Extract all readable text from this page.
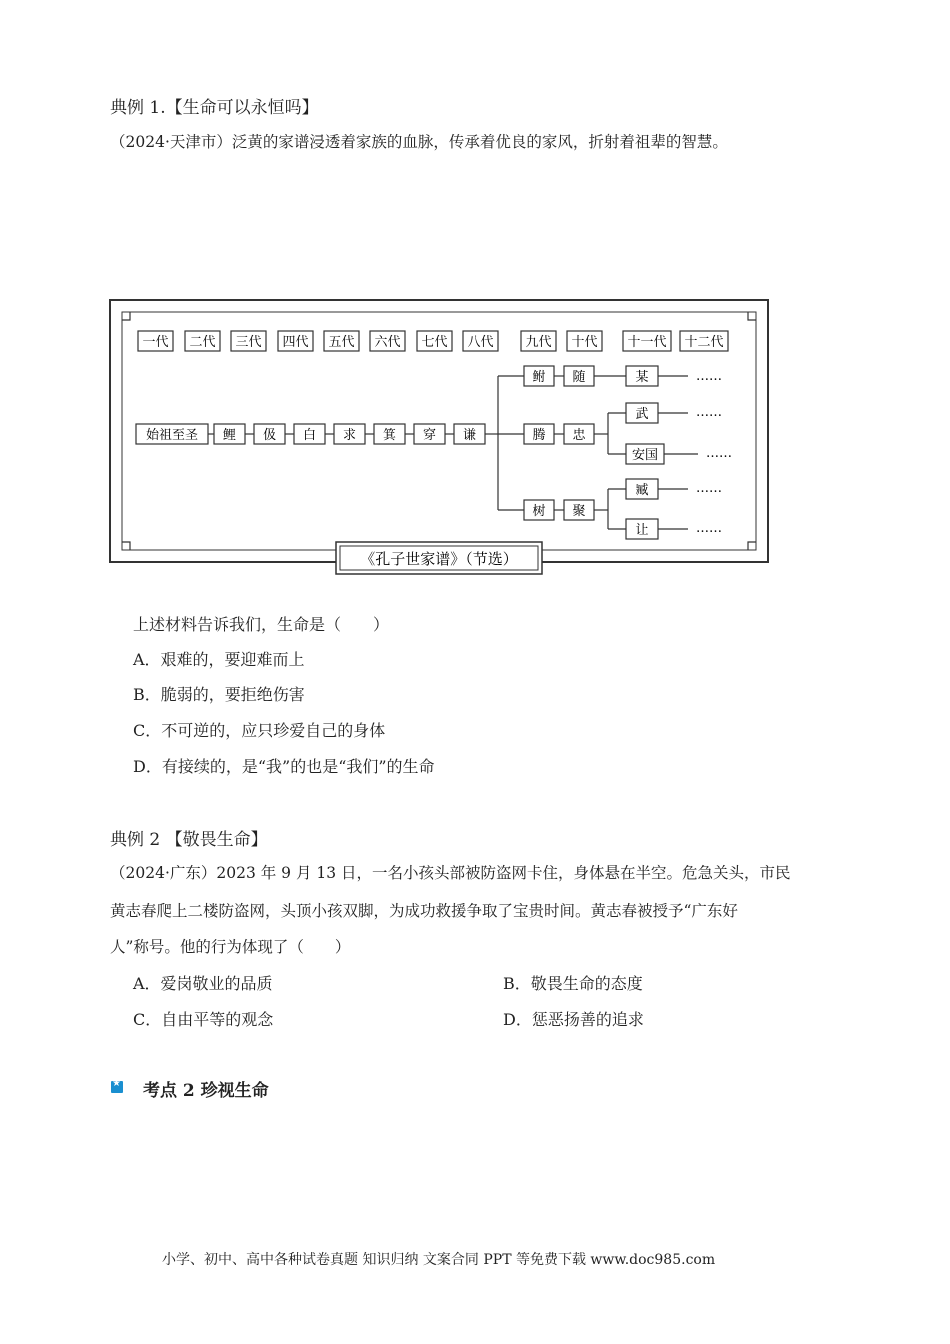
典例 1.【生命可以永恒吗】
（2024·天津市）泛黄的家谱浸透着家族的血脉，传承着优良的家风，折射着祖辈的智慧。
一代 二代 三代 四代 五代 六代 七代 八代 九代 十代 十一代 十二代
始祖至圣 鲤 伋 白 求 箕 穿 谦
鲋 随	某
腾 忠
武
安国
树 聚
臧
让
……
……
……
……
……
《孔子世家谱》（节选）
上述材料告诉我们，生命是（　　）
A．艰难的，要迎难而上
B．脆弱的，要拒绝伤害
C．不可逆的，应只珍爱自己的身体
D．有接续的，是“我”的也是“我们”的生命
典例 2 【敬畏生命】
（2024·广东）2023 年 9 月 13 日，一名小孩头部被防盗网卡住，身体悬在半空。危急关头，市民
黄志春爬上二楼防盗网，头顶小孩双脚，为成功救援争取了宝贵时间。黄志春被授予“广东好
人”称号。他的行为体现了（　　）
A．爱岗敬业的品质	B．敬畏生命的态度
C．自由平等的观念	D．惩恶扬善的追求
★
考点 2 珍视生命
小学、初中、高中各种试卷真题 知识归纳 文案合同 PPT 等免费下载 www.doc985.com
